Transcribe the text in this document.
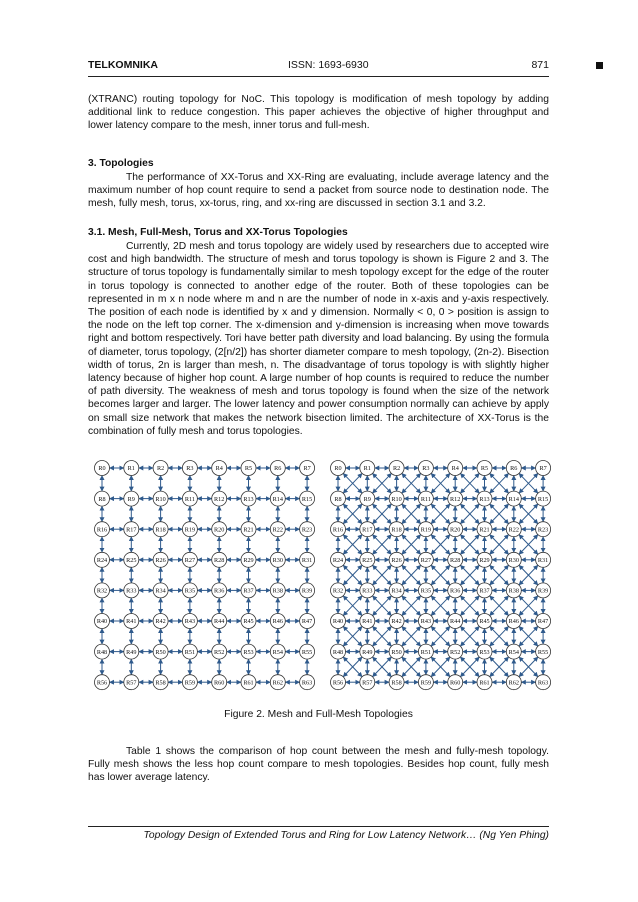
TELKOMNIKA	ISSN: 1693-6930	871

(XTRANC) routing topology for NoC. This topology is modification of mesh topology by adding additional link to reduce congestion. This paper achieves the objective of higher throughput and lower latency compare to the mesh, inner torus and full-mesh.

3. Topologies

The performance of XX-Torus and XX-Ring are evaluating, include average latency and the maximum number of hop count require to send a packet from source node to destination node. The mesh, fully mesh, torus, xx-torus, ring, and xx-ring are discussed in section 3.1 and 3.2.

3.1. Mesh, Full-Mesh, Torus and XX-Torus Topologies

Currently, 2D mesh and torus topology are widely used by researchers due to accepted wire cost and high bandwidth. The structure of mesh and torus topology is shown is Figure 2 and 3. The structure of torus topology is fundamentally similar to mesh topology except for the edge of the router in torus topology is connected to another edge of the router. Both of these topologies can be represented in m x n node where m and n are the number of node in x-axis and y-axis respectively. The position of each node is identified by x and y dimension. Normally < 0, 0 > position is assign to the node on the left top corner. The x-dimension and y-dimension is increasing when move towards right and bottom respectively. Tori have better path diversity and load balancing. By using the formula of diameter, torus topology, (2[n/2]) has shorter diameter compare to mesh topology, (2n-2). Bisection width of torus, 2n is larger than mesh, n. The disadvantage of torus topology is with slightly higher latency because of higher hop count. A large number of hop counts is required to reduce the number of path diversity. The weakness of mesh and torus topology is found when the size of the network becomes larger and larger. The lower latency and power consumption normally can achieve by apply on small size network that makes the network bisection limited. The architecture of XX-Torus is the combination of fully mesh and torus topologies.

R0	R1	R2	R3	R4	R5	R6	R7
R8	R9	R10	R11	R12	R13	R14	R15
R16	R17	R18	R19	R20	R21	R22	R23
R24	R25	R26	R27	R28	R29	R30	R31
R32	R33	R34	R35	R36	R37	R38	R39
R40	R41	R42	R43	R44	R45	R46	R47
R48	R49	R50	R51	R52	R53	R54	R55
R56	R57	R58	R59	R60	R61	R62	R63
R0	R1	R2	R3	R4	R5	R6	R7
R8	R9	R10	R11	R12	R13	R14	R15
R16	R17	R18	R19	R20	R21	R22	R23
R24	R25	R26	R27	R28	R29	R30	R31
R32	R33	R34	R35	R36	R37	R38	R39
R40	R41	R42	R43	R44	R45	R46	R47
R48	R49	R50	R51	R52	R53	R54	R55
R56	R57	R58	R59	R60	R61	R62	R63
Figure 2. Mesh and Full-Mesh Topologies

Table 1 shows the comparison of hop count between the mesh and fully-mesh topology. Fully mesh shows the less hop count compare to mesh topologies. Besides hop count, fully mesh has lower average latency.

Topology Design of Extended Torus and Ring for Low Latency Network… (Ng Yen Phing)
